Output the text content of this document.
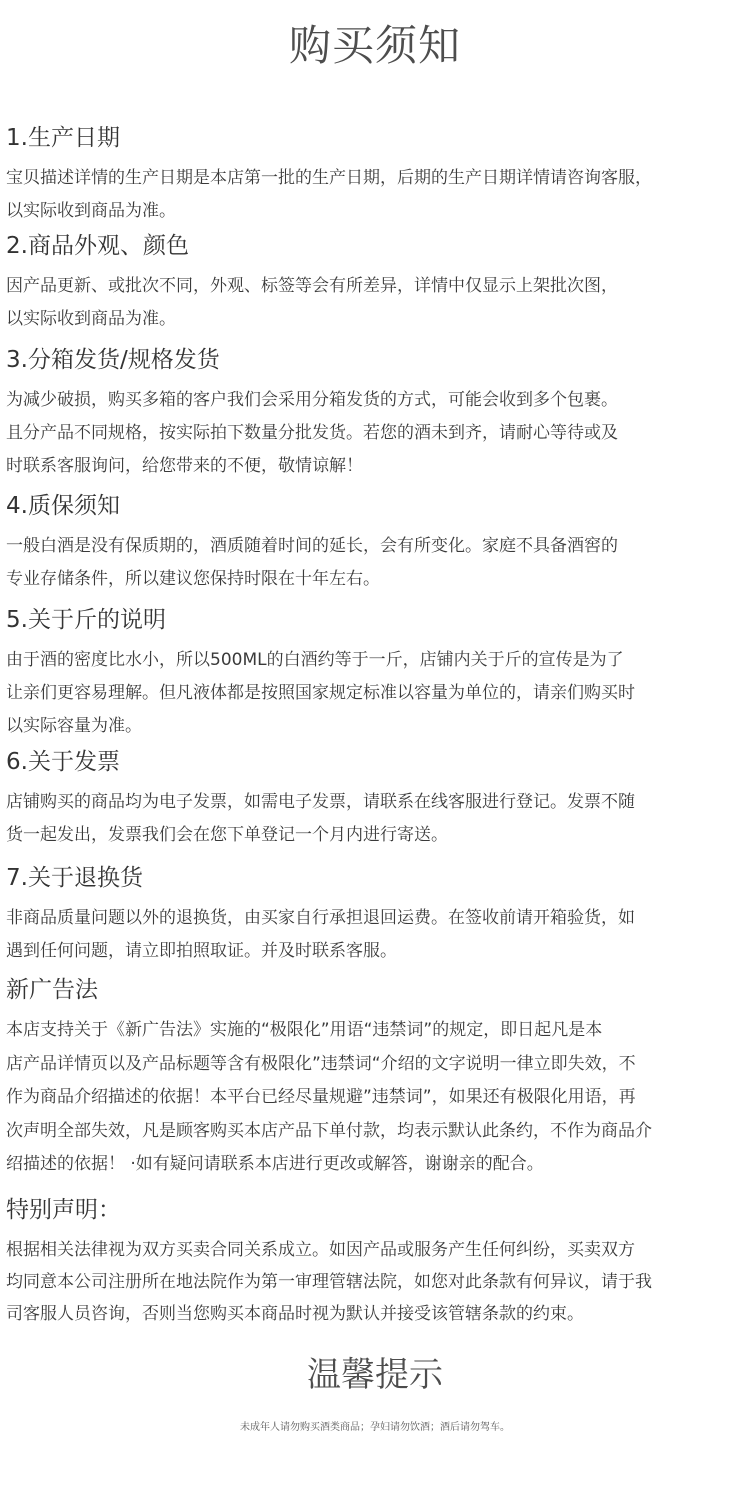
购买须知

1.生产日期

宝贝描述详情的生产日期是本店第一批的生产日期，后期的生产日期详情请咨询客服，

以实际收到商品为准。

2.商品外观、颜色

因产品更新、或批次不同，外观、标签等会有所差异，详情中仅显示上架批次图，

以实际收到商品为准。

3.分箱发货/规格发货

为减少破损，购买多箱的客户我们会采用分箱发货的方式，可能会收到多个包裹。

且分产品不同规格，按实际拍下数量分批发货。若您的酒未到齐，请耐心等待或及

时联系客服询问，给您带来的不便，敬情谅解！

4.质保须知

一般白酒是没有保质期的，酒质随着时间的延长，会有所变化。家庭不具备酒窖的

专业存储条件，所以建议您保持时限在十年左右。

5.关于斤的说明

由于酒的密度比水小，所以500ML的白酒约等于一斤，店铺内关于斤的宣传是为了

让亲们更容易理解。但凡液体都是按照国家规定标准以容量为单位的，请亲们购买时

以实际容量为准。

6.关于发票

店铺购买的商品均为电子发票，如需电子发票，请联系在线客服进行登记。发票不随

货一起发出，发票我们会在您下单登记一个月内进行寄送。

7.关于退换货

非商品质量问题以外的退换货，由买家自行承担退回运费。在签收前请开箱验货，如

遇到任何问题，请立即拍照取证。并及时联系客服。

新广告法

本店支持关于《新广告法》实施的“极限化”用语“违禁词”的规定，即日起凡是本

店产品详情页以及产品标题等含有极限化”违禁词“介绍的文字说明一律立即失效，不

作为商品介绍描述的依据！本平台已经尽量规避”违禁词”，如果还有极限化用语，再

次声明全部失效，凡是顾客购买本店产品下单付款，均表示默认此条约，不作为商品介

绍描述的依据！ ·如有疑问请联系本店进行更改或解答，谢谢亲的配合。

特别声明：

根据相关法律视为双方买卖合同关系成立。如因产品或服务产生任何纠纷，买卖双方

均同意本公司注册所在地法院作为第一审理管辖法院，如您对此条款有何异议，请于我

司客服人员咨询，否则当您购买本商品时视为默认并接受该管辖条款的约束。

温馨提示
未成年人请勿购买酒类商品；孕妇请勿饮酒；酒后请勿驾车。
